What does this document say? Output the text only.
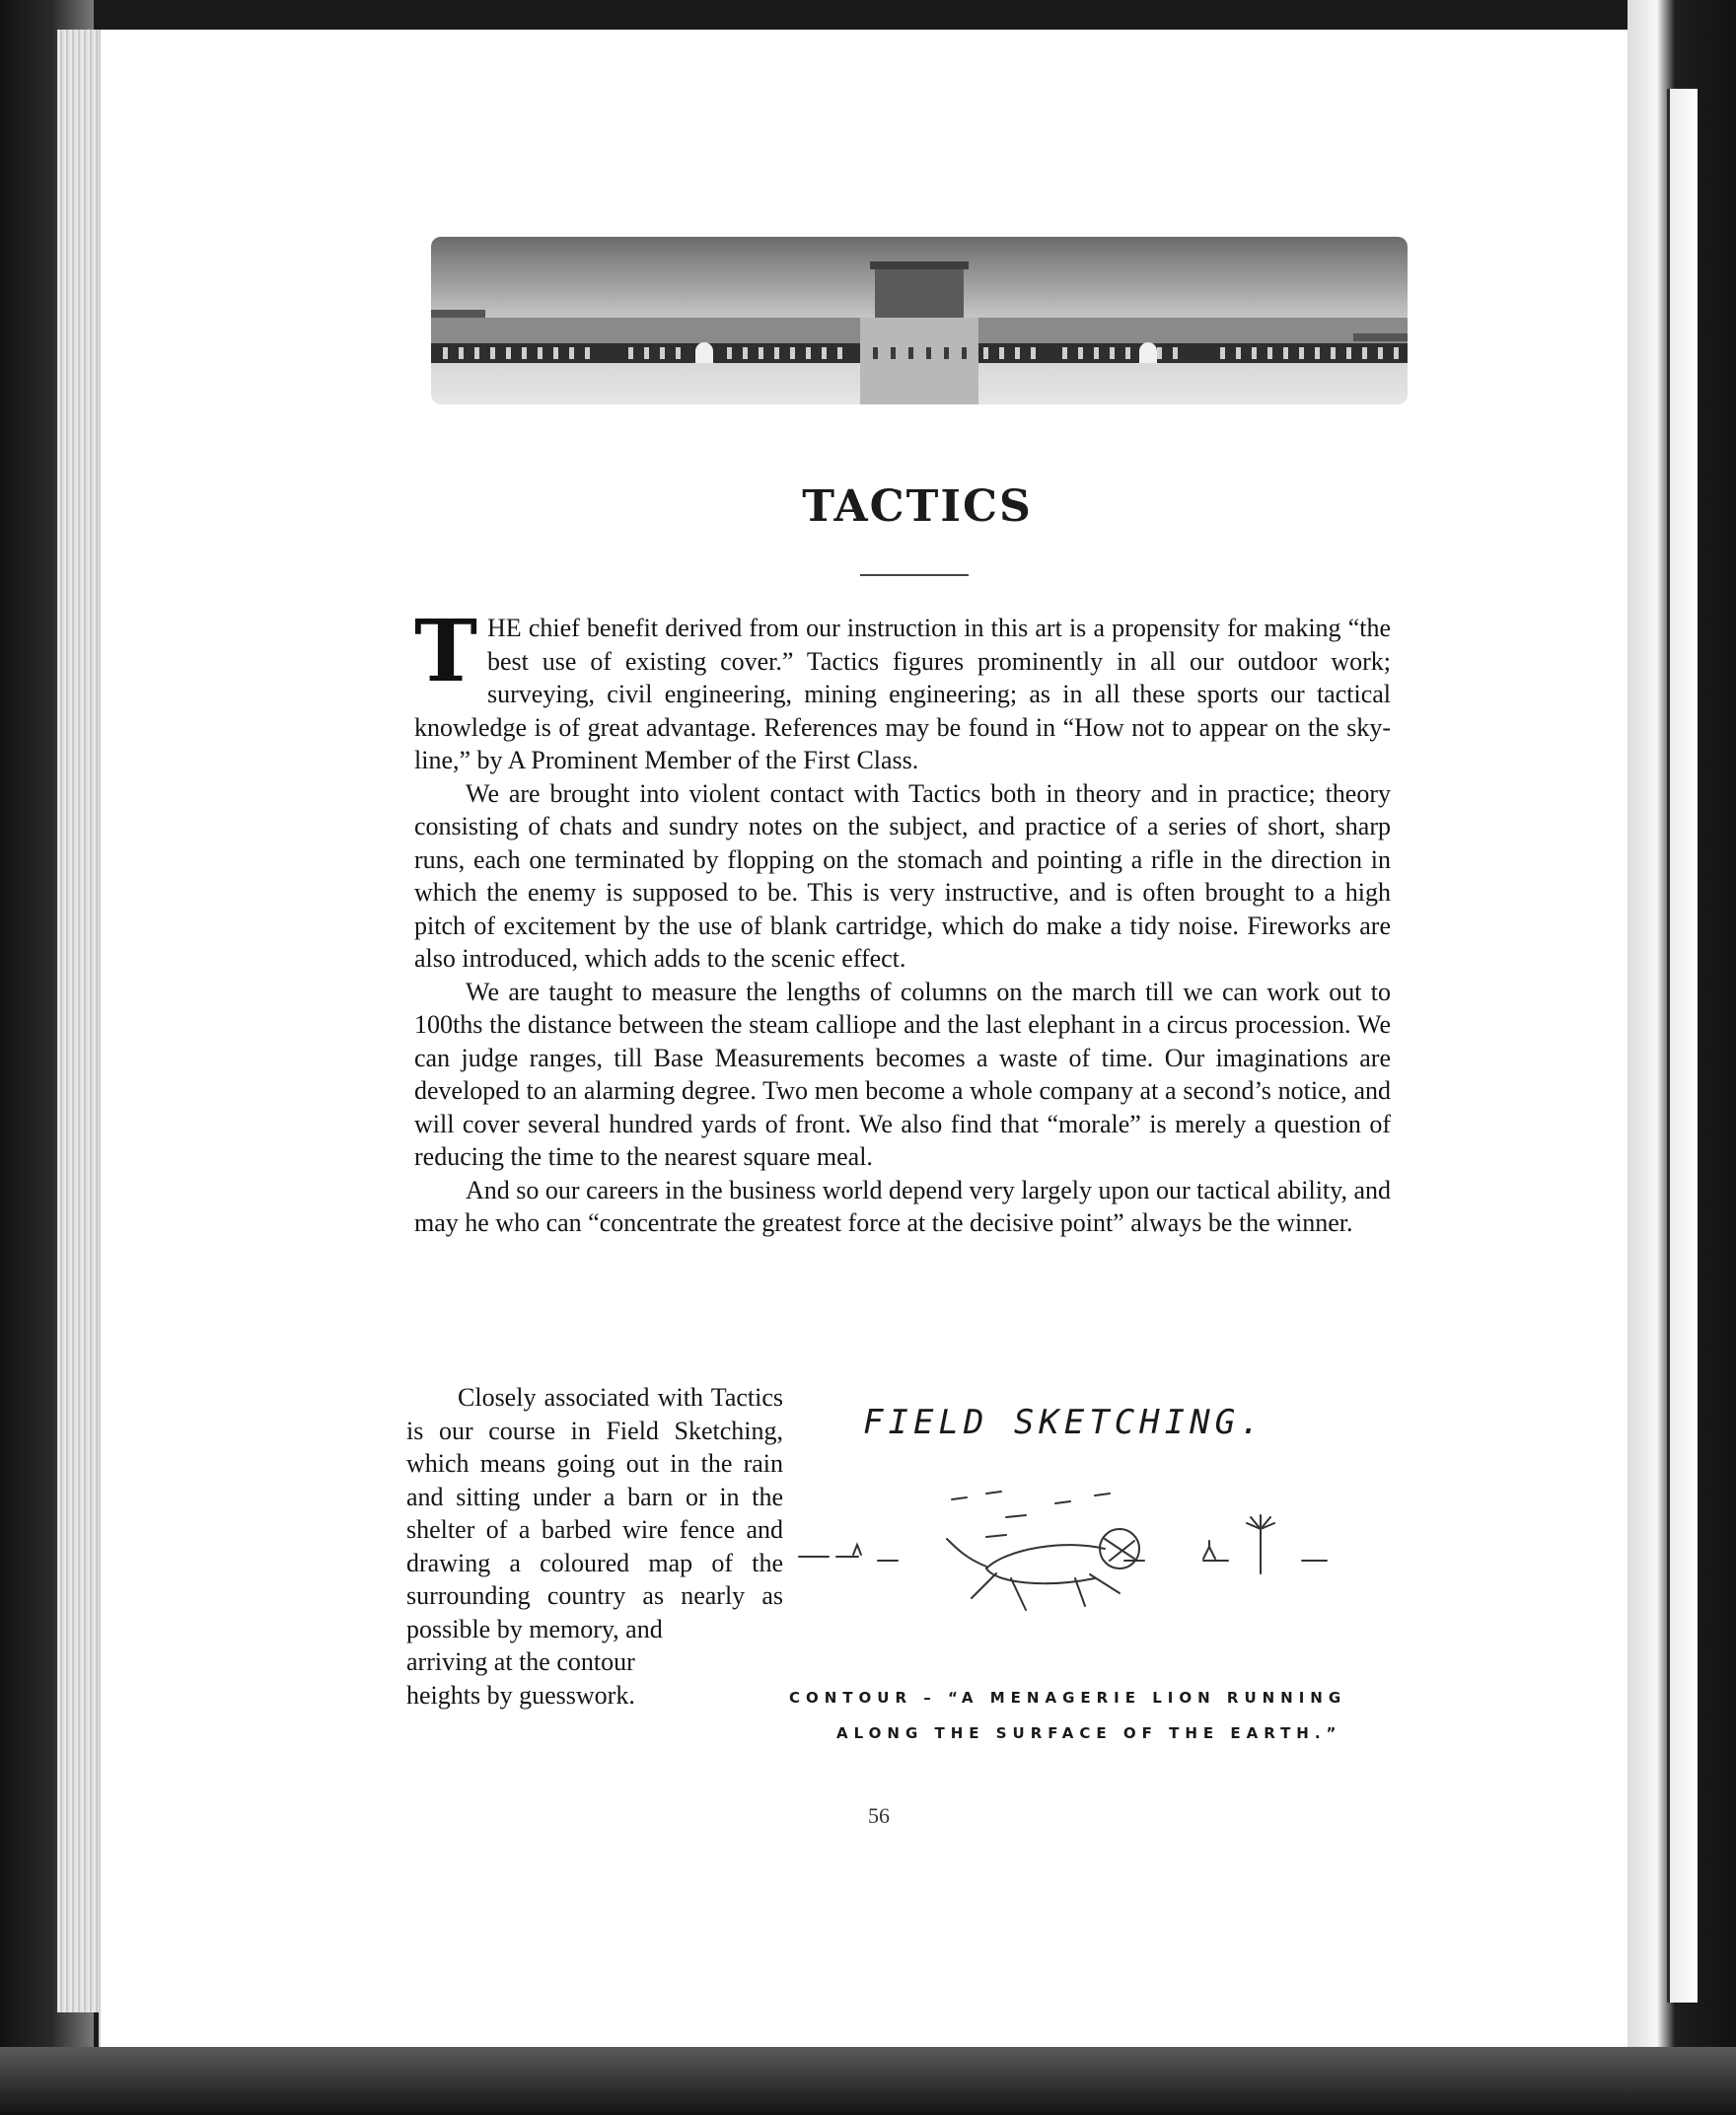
TACTICS

THE chief benefit derived from our instruction in this art is a propensity for making “the best use of existing cover.” Tactics figures prominently in all our outdoor work; surveying, civil engineering, mining engineering; as in all these sports our tactical knowledge is of great advantage. References may be found in “How not to appear on the sky-line,” by A Prominent Member of the First Class.

We are brought into violent contact with Tactics both in theory and in practice; theory consisting of chats and sundry notes on the subject, and practice of a series of short, sharp runs, each one terminated by flopping on the stomach and pointing a rifle in the direction in which the enemy is supposed to be. This is very instructive, and is often brought to a high pitch of excitement by the use of blank cartridge, which do make a tidy noise. Fireworks are also introduced, which adds to the scenic effect.

We are taught to measure the lengths of columns on the march till we can work out to 100ths the distance between the steam calliope and the last elephant in a circus procession. We can judge ranges, till Base Measurements becomes a waste of time. Our imaginations are developed to an alarming degree. Two men become a whole company at a second’s notice, and will cover several hundred yards of front. We also find that “morale” is merely a question of reducing the time to the nearest square meal.

And so our careers in the business world depend very largely upon our tactical ability, and may he who can “concentrate the greatest force at the decisive point” always be the winner.

Closely associated with Tactics is our course in Field Sketching, which means going out in the rain and sitting under a barn or in the shelter of a barbed wire fence and drawing a coloured map of the surrounding country as nearly as possible by memory, and

arriving at the contour

heights by guesswork.

FIELD SKETCHING.
CONTOUR – “A MENAGERIE LION RUNNING
ALONG THE SURFACE OF THE EARTH.”
56
